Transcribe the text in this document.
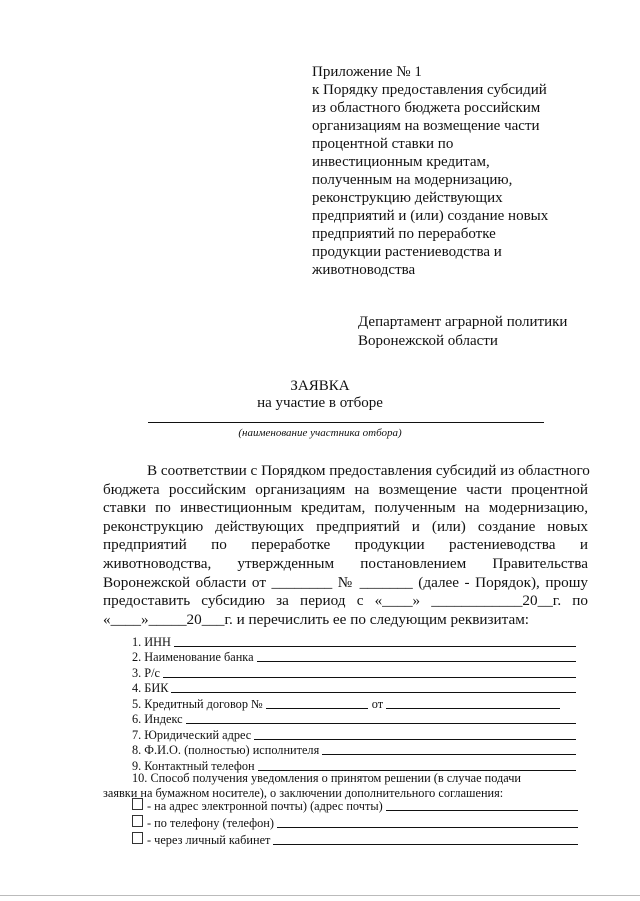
Приложение № 1
к Порядку предоставления субсидий
из областного бюджета российским
организациям на возмещение части
процентной ставки по
инвестиционным кредитам,
полученным на модернизацию,
реконструкцию действующих
предприятий и (или) создание новых
предприятий по переработке
продукции растениеводства и
животноводства
Департамент аграрной политики
Воронежской области
ЗАЯВКА
на участие в отборе
(наименование участника отбора)
В соответствии с Порядком предоставления субсидий из областного
бюджета российским организациям на возмещение части процентной
ставки по инвестиционным кредитам, полученным на модернизацию,
реконструкцию действующих предприятий и (или) создание новых
предприятий по переработке продукции растениеводства и
животноводства, утвержденным постановлением Правительства
Воронежской области от ________ № _______ (далее - Порядок), прошу
предоставить субсидию за период с «____» ____________20__г. по
«____»_____20___г. и перечислить ее по следующим реквизитам:
1. ИНН
2. Наименование банка
3. Р/с
4. БИК
5. Кредитный договор №	от
6. Индекс
7. Юридический адрес
8. Ф.И.О. (полностью) исполнителя
9. Контактный телефон
10. Способ получения уведомления о принятом решении (в случае подачи
заявки на бумажном носителе), о заключении дополнительного соглашения:
- на адрес электронной почты) (адрес почты)
- по телефону (телефон)
- через личный кабинет
